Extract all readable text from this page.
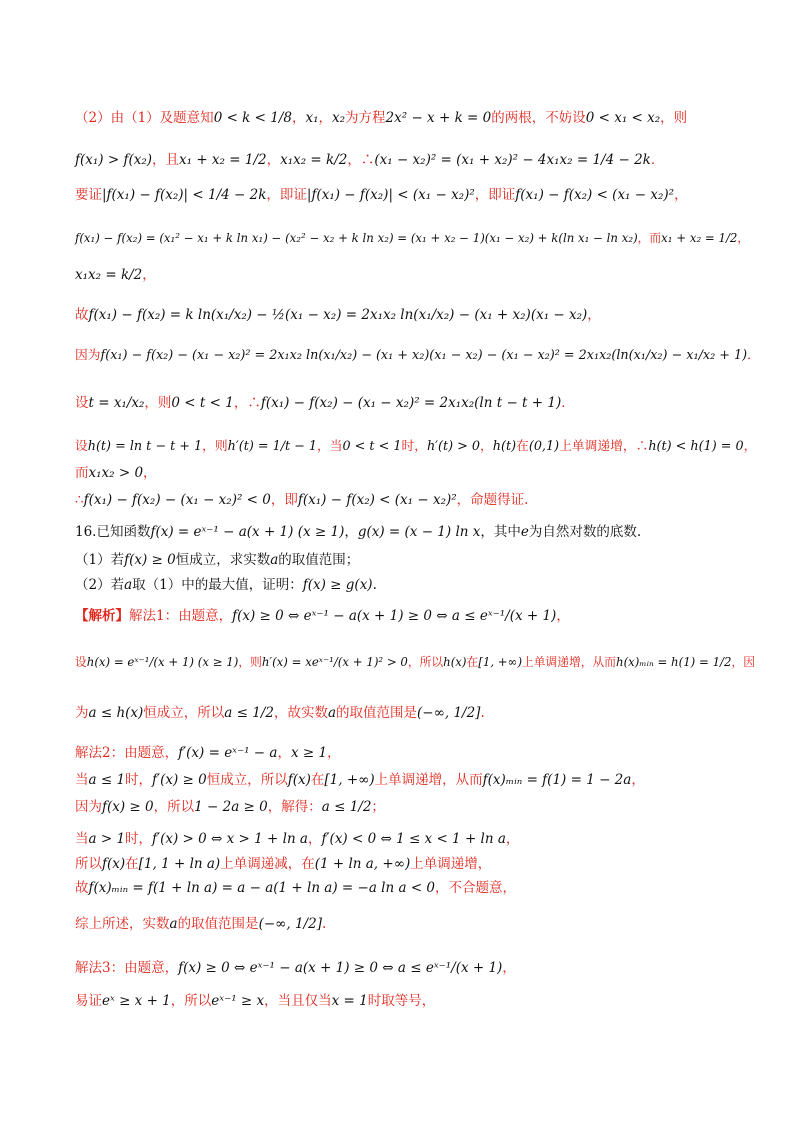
（2）由（1）及题意知0 < k < 1/8，x₁，x₂为方程2x² − x + k = 0的两根，不妨设0 < x₁ < x₂，则
f(x₁) > f(x₂)，且x₁ + x₂ = 1/2，x₁x₂ = k/2，∴(x₁ − x₂)² = (x₁ + x₂)² − 4x₁x₂ = 1/4 − 2k．
要证|f(x₁) − f(x₂)| < 1/4 − 2k，即证|f(x₁) − f(x₂)| < (x₁ − x₂)²，即证f(x₁) − f(x₂) < (x₁ − x₂)²，
f(x₁) − f(x₂) = (x₁² − x₁ + k ln x₁) − (x₂² − x₂ + k ln x₂) = (x₁ + x₂ − 1)(x₁ − x₂) + k(ln x₁ − ln x₂)，而x₁ + x₂ = 1/2，
x₁x₂ = k/2，
故f(x₁) − f(x₂) = k ln(x₁/x₂) − ½(x₁ − x₂) = 2x₁x₂ ln(x₁/x₂) − (x₁ + x₂)(x₁ − x₂)，
因为f(x₁) − f(x₂) − (x₁ − x₂)² = 2x₁x₂ ln(x₁/x₂) − (x₁ + x₂)(x₁ − x₂) − (x₁ − x₂)² = 2x₁x₂(ln(x₁/x₂) − x₁/x₂ + 1)．
设t = x₁/x₂，则0 < t < 1，∴f(x₁) − f(x₂) − (x₁ − x₂)² = 2x₁x₂(ln t − t + 1)．
设h(t) = ln t − t + 1，则h′(t) = 1/t − 1，当0 < t < 1时，h′(t) > 0，h(t)在(0,1)上单调递增，∴h(t) < h(1) = 0，
而x₁x₂ > 0，
∴f(x₁) − f(x₂) − (x₁ − x₂)² < 0，即f(x₁) − f(x₂) < (x₁ − x₂)²，命题得证.
16.已知函数f(x) = eˣ⁻¹ − a(x + 1) (x ≥ 1)，g(x) = (x − 1) ln x，其中e为自然对数的底数.
（1）若f(x) ≥ 0恒成立，求实数a的取值范围；
（2）若a取（1）中的最大值，证明：f(x) ≥ g(x).
【解析】解法1：由题意，f(x) ≥ 0 ⇔ eˣ⁻¹ − a(x + 1) ≥ 0 ⇔ a ≤ eˣ⁻¹/(x + 1)，
设h(x) = eˣ⁻¹/(x + 1) (x ≥ 1)，则h′(x) = xeˣ⁻¹/(x + 1)² > 0，所以h(x)在[1, +∞)上单调递增，从而h(x)ₘᵢₙ = h(1) = 1/2，因
为a ≤ h(x)恒成立，所以a ≤ 1/2，故实数a的取值范围是(−∞, 1/2].
解法2：由题意，f′(x) = eˣ⁻¹ − a，x ≥ 1，
当a ≤ 1时，f′(x) ≥ 0恒成立，所以f(x)在[1, +∞)上单调递增，从而f(x)ₘᵢₙ = f(1) = 1 − 2a，
因为f(x) ≥ 0，所以1 − 2a ≥ 0，解得：a ≤ 1/2；
当a > 1时，f′(x) > 0 ⇔ x > 1 + ln a，f′(x) < 0 ⇔ 1 ≤ x < 1 + ln a，
所以f(x)在[1, 1 + ln a)上单调递减，在(1 + ln a, +∞)上单调递增，
故f(x)ₘᵢₙ = f(1 + ln a) = a − a(1 + ln a) = −a ln a < 0，不合题意，
综上所述，实数a的取值范围是(−∞, 1/2].
解法3：由题意，f(x) ≥ 0 ⇔ eˣ⁻¹ − a(x + 1) ≥ 0 ⇔ a ≤ eˣ⁻¹/(x + 1)，
易证eˣ ≥ x + 1，所以eˣ⁻¹ ≥ x，当且仅当x = 1时取等号，
